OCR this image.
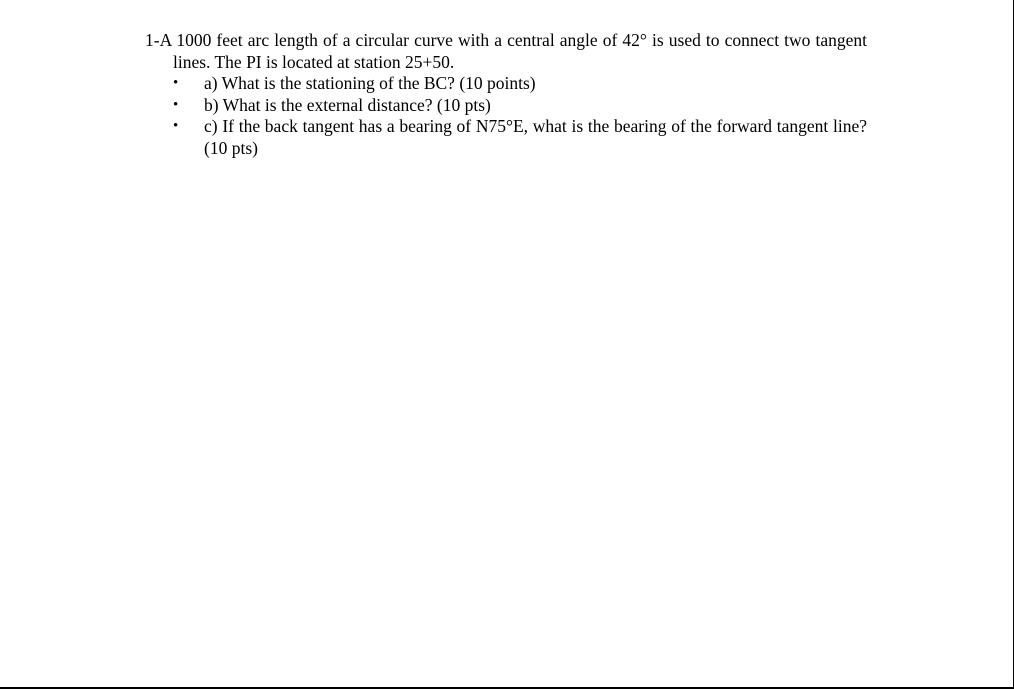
1-A 1000 feet arc length of a circular curve with a central angle of 42° is used to connect two tangent lines. The PI is located at station 25+50.

• a) What is the stationing of the BC? (10 points)
• b) What is the external distance? (10 pts)
• c) If the back tangent has a bearing of N75°E, what is the bearing of the forward tangent line? (10 pts)
